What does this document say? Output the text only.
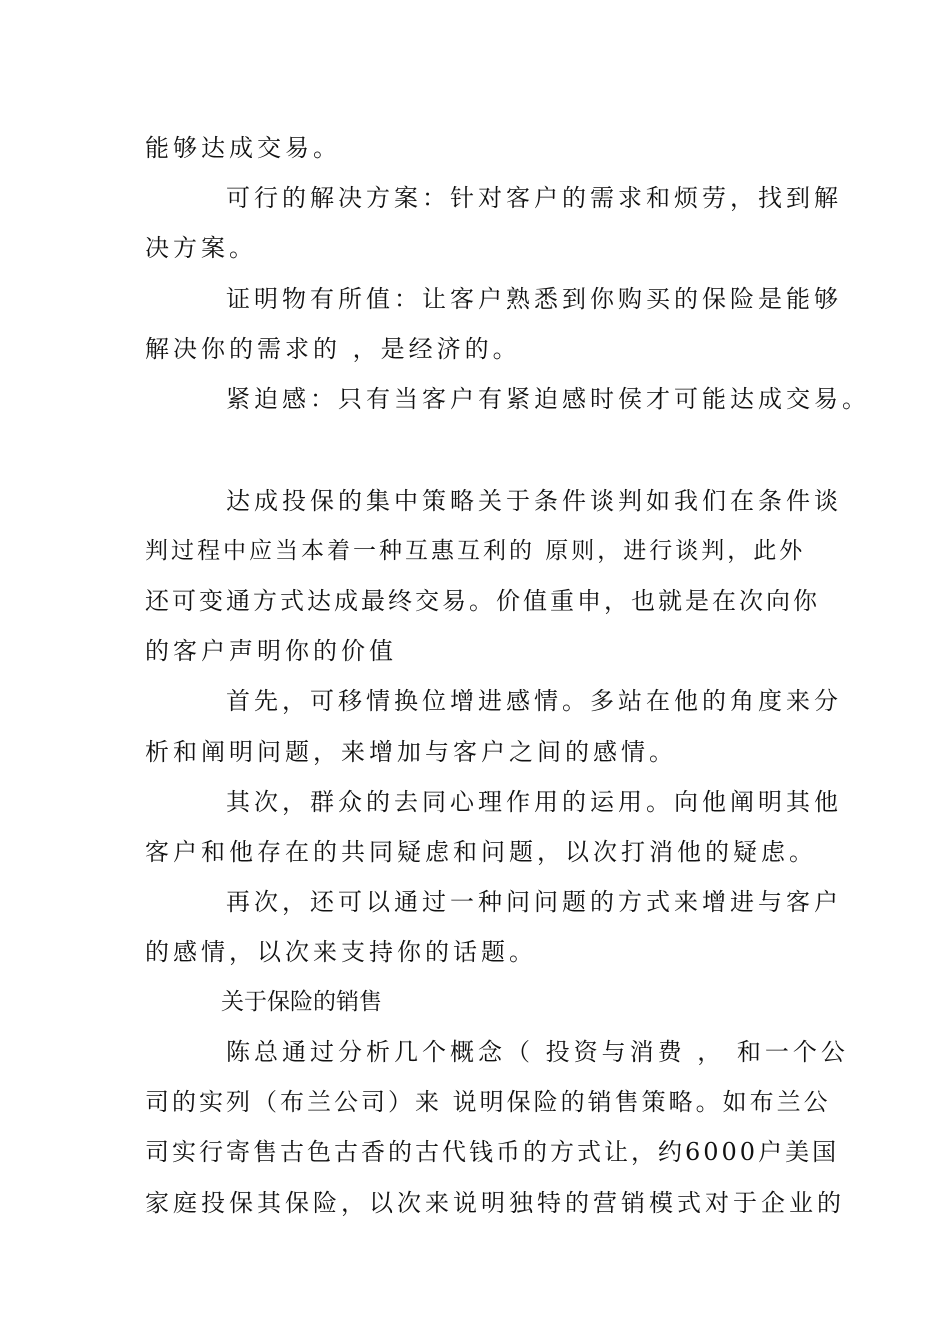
能够达成交易。
可行的解决方案：针对客户的需求和烦劳，找到解
决方案。
证明物有所值：让客户熟悉到你购买的保险是能够
解决你的需求的 ，是经济的。
紧迫感：只有当客户有紧迫感时侯才可能达成交易。
达成投保的集中策略关于条件谈判如我们在条件谈
判过程中应当本着一种互惠互利的 原则，进行谈判，此外
还可变通方式达成最终交易。价值重申，也就是在次向你
的客户声明你的价值
首先，可移情换位增进感情。多站在他的角度来分
析和阐明问题，来增加与客户之间的感情。
其次，群众的去同心理作用的运用。向他阐明其他
客户和他存在的共同疑虑和问题，以次打消他的疑虑。
再次，还可以通过一种问问题的方式来增进与客户
的感情，以次来支持你的话题。
关于保险的销售
陈总通过分析几个概念（ 投资与消费 ， 和一个公
司的实列（布兰公司）来 说明保险的销售策略。如布兰公
司实行寄售古色古香的古代钱币的方式让，约6000户美国
家庭投保其保险，以次来说明独特的营销模式对于企业的
